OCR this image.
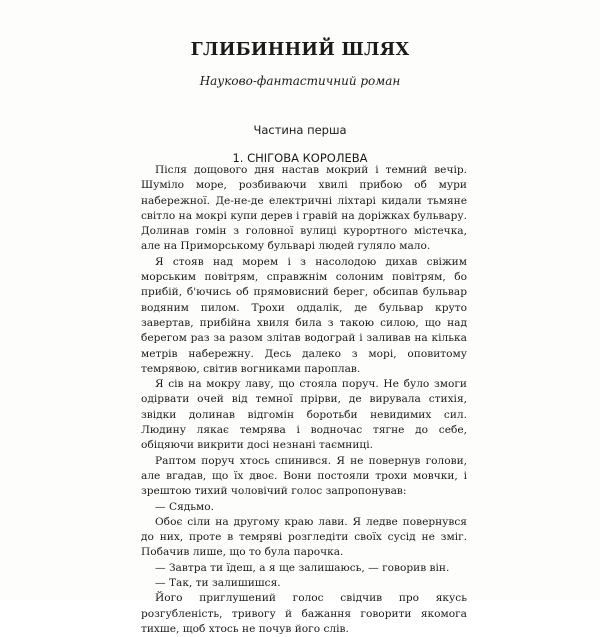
ГЛИБИННИЙ ШЛЯХ

Науково-фантастичний роман

Частина перша

1. СНІГОВА КОРОЛЕВА

Після дощового дня настав мокрий і темний вечір. Шуміло море, розбиваючи хвилі прибою об мури набережної. Де-не-де електричні ліхтарі кидали тьмяне світло на мокрі купи дерев і гравій на доріжках бульвару. Долинав гомін з головної вулиці курортного містечка, але на Приморському бульварі людей гуляло мало.

Я стояв над морем і з насолодою дихав свіжим морським повітрям, справжнім солоним повітрям, бо прибій, б'ючись об прямовисний берег, обсипав бульвар водяним пилом. Трохи оддалік, де бульвар круто завертав, прибійна хвиля била з такою силою, що над берегом раз за разом злітав водограй і заливав на кілька метрів набережну. Десь далеко з морі, оповитому темрявою, світив вогниками пароплав.

Я сів на мокру лаву, що стояла поруч. Не було змоги одірвати очей від темної прірви, де вирувала стихія, звідки долинав відгомін боротьби невидимих сил. Людину лякає темрява і водночас тягне до себе, обіцяючи викрити досі незнані таємниці.

Раптом поруч хтось спинився. Я не повернув голови, але вгадав, що їх двоє. Вони постояли трохи мовчки, і зрештою тихий чоловічий голос запропонував:

— Сядьмо.

Обоє сіли на другому краю лави. Я ледве повернувся до них, проте в темряві розгледіти своїх сусід не зміг. Побачив лише, що то була парочка.

— Завтра ти їдеш, а я ще залишаюсь, — говорив він.

— Так, ти залишишся.

Його приглушений голос свідчив про якусь розгубленість, тривогу й бажання говорити якомога тихше, щоб хтось не почув його слів.
